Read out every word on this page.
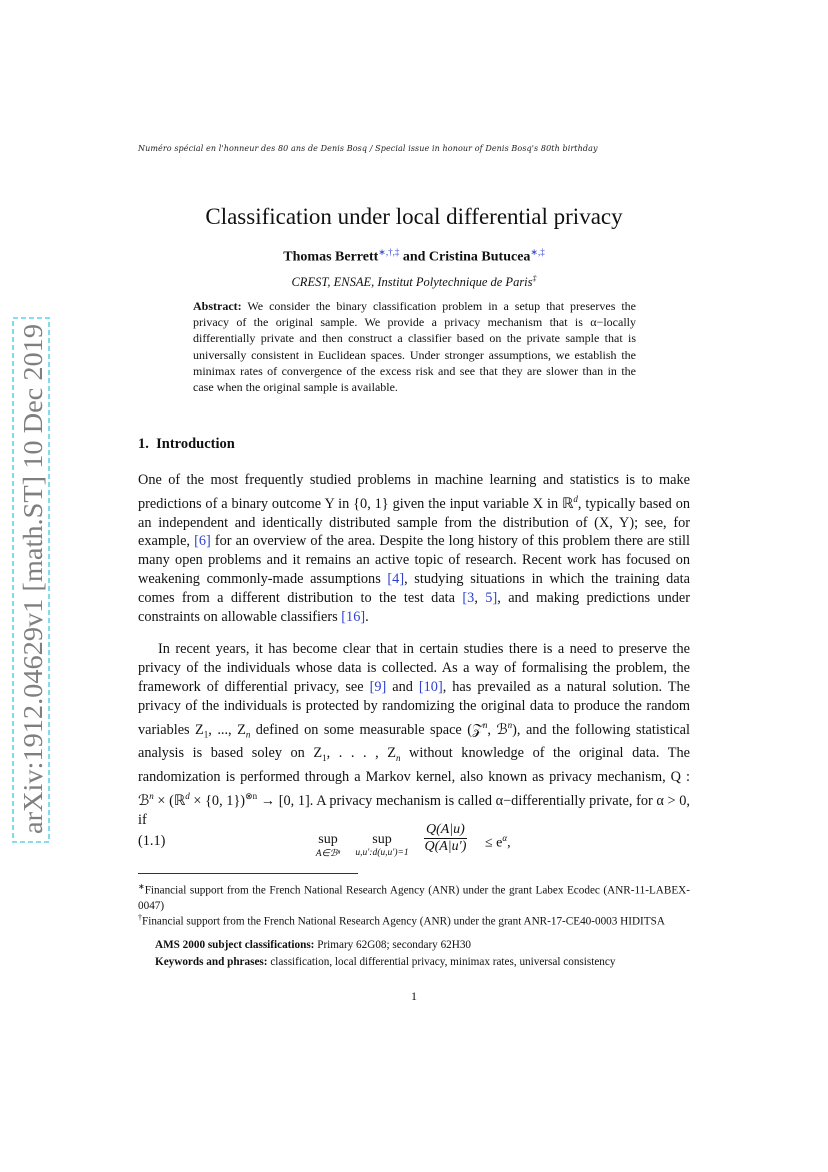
arXiv:1912.04629v1 [math.ST] 10 Dec 2019
Numéro spécial en l'honneur des 80 ans de Denis Bosq / Special issue in honour of Denis Bosq's 80th birthday
Classification under local differential privacy
Thomas Berrett∗,†,‡ and Cristina Butucea∗,‡
CREST, ENSAE, Institut Polytechnique de Paris‡
Abstract: We consider the binary classification problem in a setup that preserves the privacy of the original sample. We provide a privacy mechanism that is α−locally differentially private and then construct a classifier based on the private sample that is universally consistent in Euclidean spaces. Under stronger assumptions, we establish the minimax rates of convergence of the excess risk and see that they are slower than in the case when the original sample is available.
1. Introduction
One of the most frequently studied problems in machine learning and statistics is to make predictions of a binary outcome Y in {0, 1} given the input variable X in ℝ$^d$, typically based on an independent and identically distributed sample from the distribution of (X, Y); see, for example, [6] for an overview of the area. Despite the long history of this problem there are still many open problems and it remains an active topic of research. Recent work has focused on weakening commonly-made assumptions [4], studying situations in which the training data comes from a different distribution to the test data [3, 5], and making predictions under constraints on allowable classifiers [16].
In recent years, it has become clear that in certain studies there is a need to preserve the privacy of the individuals whose data is collected. As a way of formalising the problem, the framework of differential privacy, see [9] and [10], has prevailed as a natural solution. The privacy of the individuals is protected by randomizing the original data to produce the random variables $Z_1$, ..., $Z_n$ defined on some measurable space (𝒵$^n$, ℬ$^n$), and the following statistical analysis is based soley on $Z_1$, . . . , $Z_n$ without knowledge of the original data. The randomization is performed through a Markov kernel, also known as privacy mechanism, Q : ℬ$^n$ × (ℝ$^d$ × {0, 1})$^{\otimes n}$ → [0, 1]. A privacy mechanism is called α−differentially private, for α > 0, if
(1.1)	sup
A∈ℬⁿ
sup
u,u′:d(u,u′)=1	$\frac{Q(A|u)}{Q(A|u')} \le e^\alpha$,
∗Financial support from the French National Research Agency (ANR) under the grant Labex Ecodec (ANR-11-LABEX-0047)
†Financial support from the French National Research Agency (ANR) under the grant ANR-17-CE40-0003 HIDITSA
AMS 2000 subject classifications: Primary 62G08; secondary 62H30
Keywords and phrases: classification, local differential privacy, minimax rates, universal consistency
1
